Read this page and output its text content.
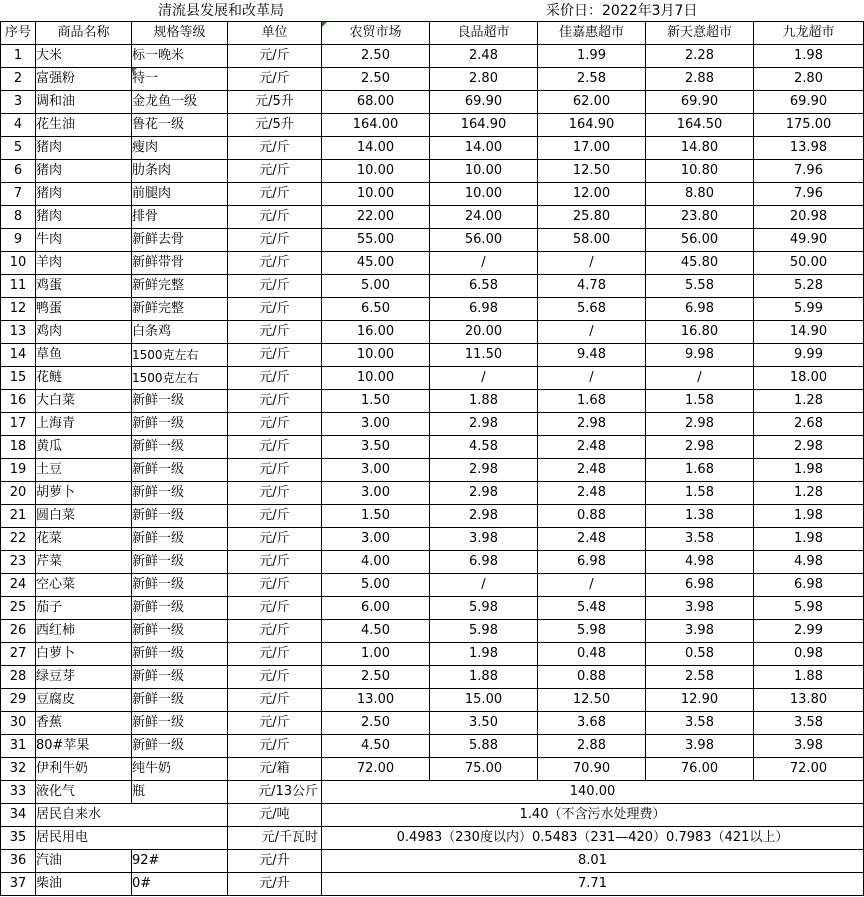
清流县发展和改革局	采价日：2022年3月7日
序号	商品名称	规格等级	单位	农贸市场	良品超市	佳嘉惠超市	新天意超市	九龙超市
1	大米	标一晚米	元/斤	2.50	2.48	1.99	2.28	1.98
2	富强粉	特一	元/斤	2.50	2.80	2.58	2.88	2.80
3	调和油	金龙鱼一级	元/5升	68.00	69.90	62.00	69.90	69.90
4	花生油	鲁花一级	元/5升	164.00	164.90	164.90	164.50	175.00
5	猪肉	瘦肉	元/斤	14.00	14.00	17.00	14.80	13.98
6	猪肉	肋条肉	元/斤	10.00	10.00	12.50	10.80	7.96
7	猪肉	前腿肉	元/斤	10.00	10.00	12.00	8.80	7.96
8	猪肉	排骨	元/斤	22.00	24.00	25.80	23.80	20.98
9	牛肉	新鲜去骨	元/斤	55.00	56.00	58.00	56.00	49.90
10	羊肉	新鲜带骨	元/斤	45.00	/	/	45.80	50.00
11	鸡蛋	新鲜完整	元/斤	5.00	6.58	4.78	5.58	5.28
12	鸭蛋	新鲜完整	元/斤	6.50	6.98	5.68	6.98	5.99
13	鸡肉	白条鸡	元/斤	16.00	20.00	/	16.80	14.90
14	草鱼	1500克左右	元/斤	10.00	11.50	9.48	9.98	9.99
15	花鲢	1500克左右	元/斤	10.00	/	/	/	18.00
16	大白菜	新鲜一级	元/斤	1.50	1.88	1.68	1.58	1.28
17	上海青	新鲜一级	元/斤	3.00	2.98	2.98	2.98	2.68
18	黄瓜	新鲜一级	元/斤	3.50	4.58	2.48	2.98	2.98
19	土豆	新鲜一级	元/斤	3.00	2.98	2.48	1.68	1.98
20	胡萝卜	新鲜一级	元/斤	3.00	2.98	2.48	1.58	1.28
21	圆白菜	新鲜一级	元/斤	1.50	2.98	0.88	1.38	1.98
22	花菜	新鲜一级	元/斤	3.00	3.98	2.48	3.58	1.98
23	芹菜	新鲜一级	元/斤	4.00	6.98	6.98	4.98	4.98
24	空心菜	新鲜一级	元/斤	5.00	/	/	6.98	6.98
25	茄子	新鲜一级	元/斤	6.00	5.98	5.48	3.98	5.98
26	西红柿	新鲜一级	元/斤	4.50	5.98	5.98	3.98	2.99
27	白萝卜	新鲜一级	元/斤	1.00	1.98	0.48	0.58	0.98
28	绿豆芽	新鲜一级	元/斤	2.50	1.88	0.88	2.58	1.88
29	豆腐皮	新鲜一级	元/斤	13.00	15.00	12.50	12.90	13.80
30	香蕉	新鲜一级	元/斤	2.50	3.50	3.68	3.58	3.58
31	80#苹果	新鲜一级	元/斤	4.50	5.88	2.88	3.98	3.98
32	伊利牛奶	纯牛奶	元/箱	72.00	75.00	70.90	76.00	72.00
33	液化气	瓶	元/13公斤	140.00				
34	居民自来水		元/吨	1.40（不含污水处理费）				
35	居民用电		元/千瓦时	0.4983（230度以内）0.5483（231—420）0.7983（421以上）				
36	汽油	92#	元/升	8.01				
37	柴油	0#	元/升	7.71				
